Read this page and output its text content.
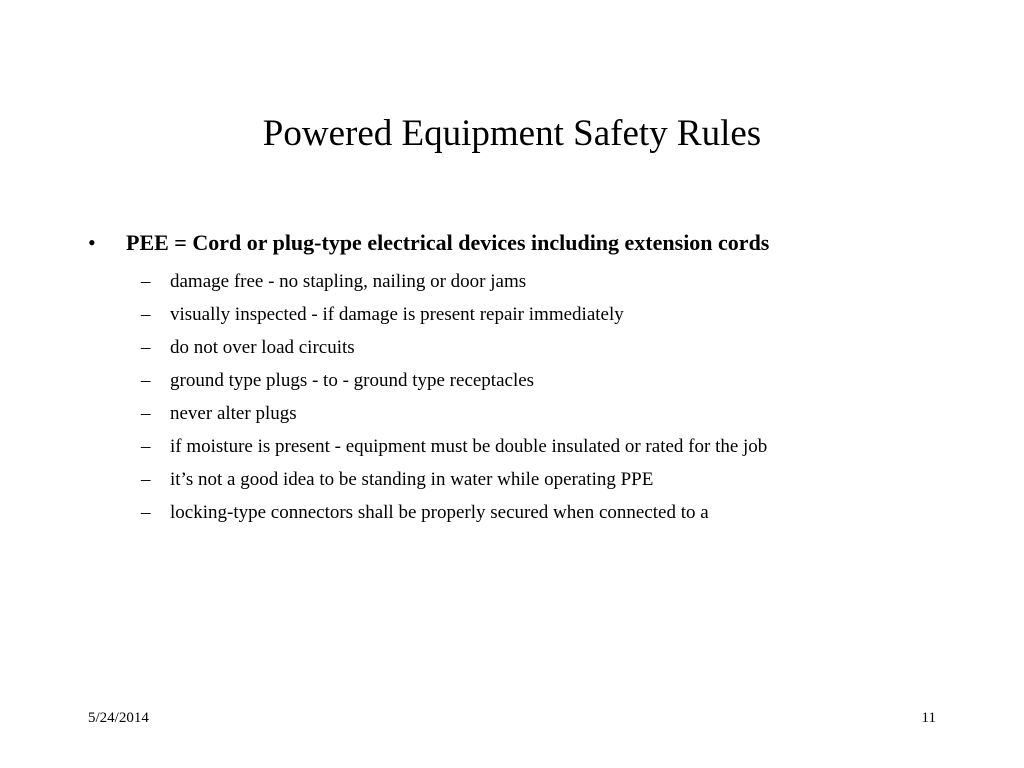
Powered Equipment Safety Rules
• PEE = Cord or plug-type electrical devices including extension cords
– damage free - no stapling, nailing or door jams
– visually inspected - if damage is present repair immediately
– do not over load circuits
– ground type plugs - to - ground type receptacles
– never alter plugs
– if moisture is present - equipment must be double insulated or rated for the job
– it’s not a good idea to be standing in water while operating PPE
– locking-type connectors shall be properly secured when connected to a
5/24/2014	11
